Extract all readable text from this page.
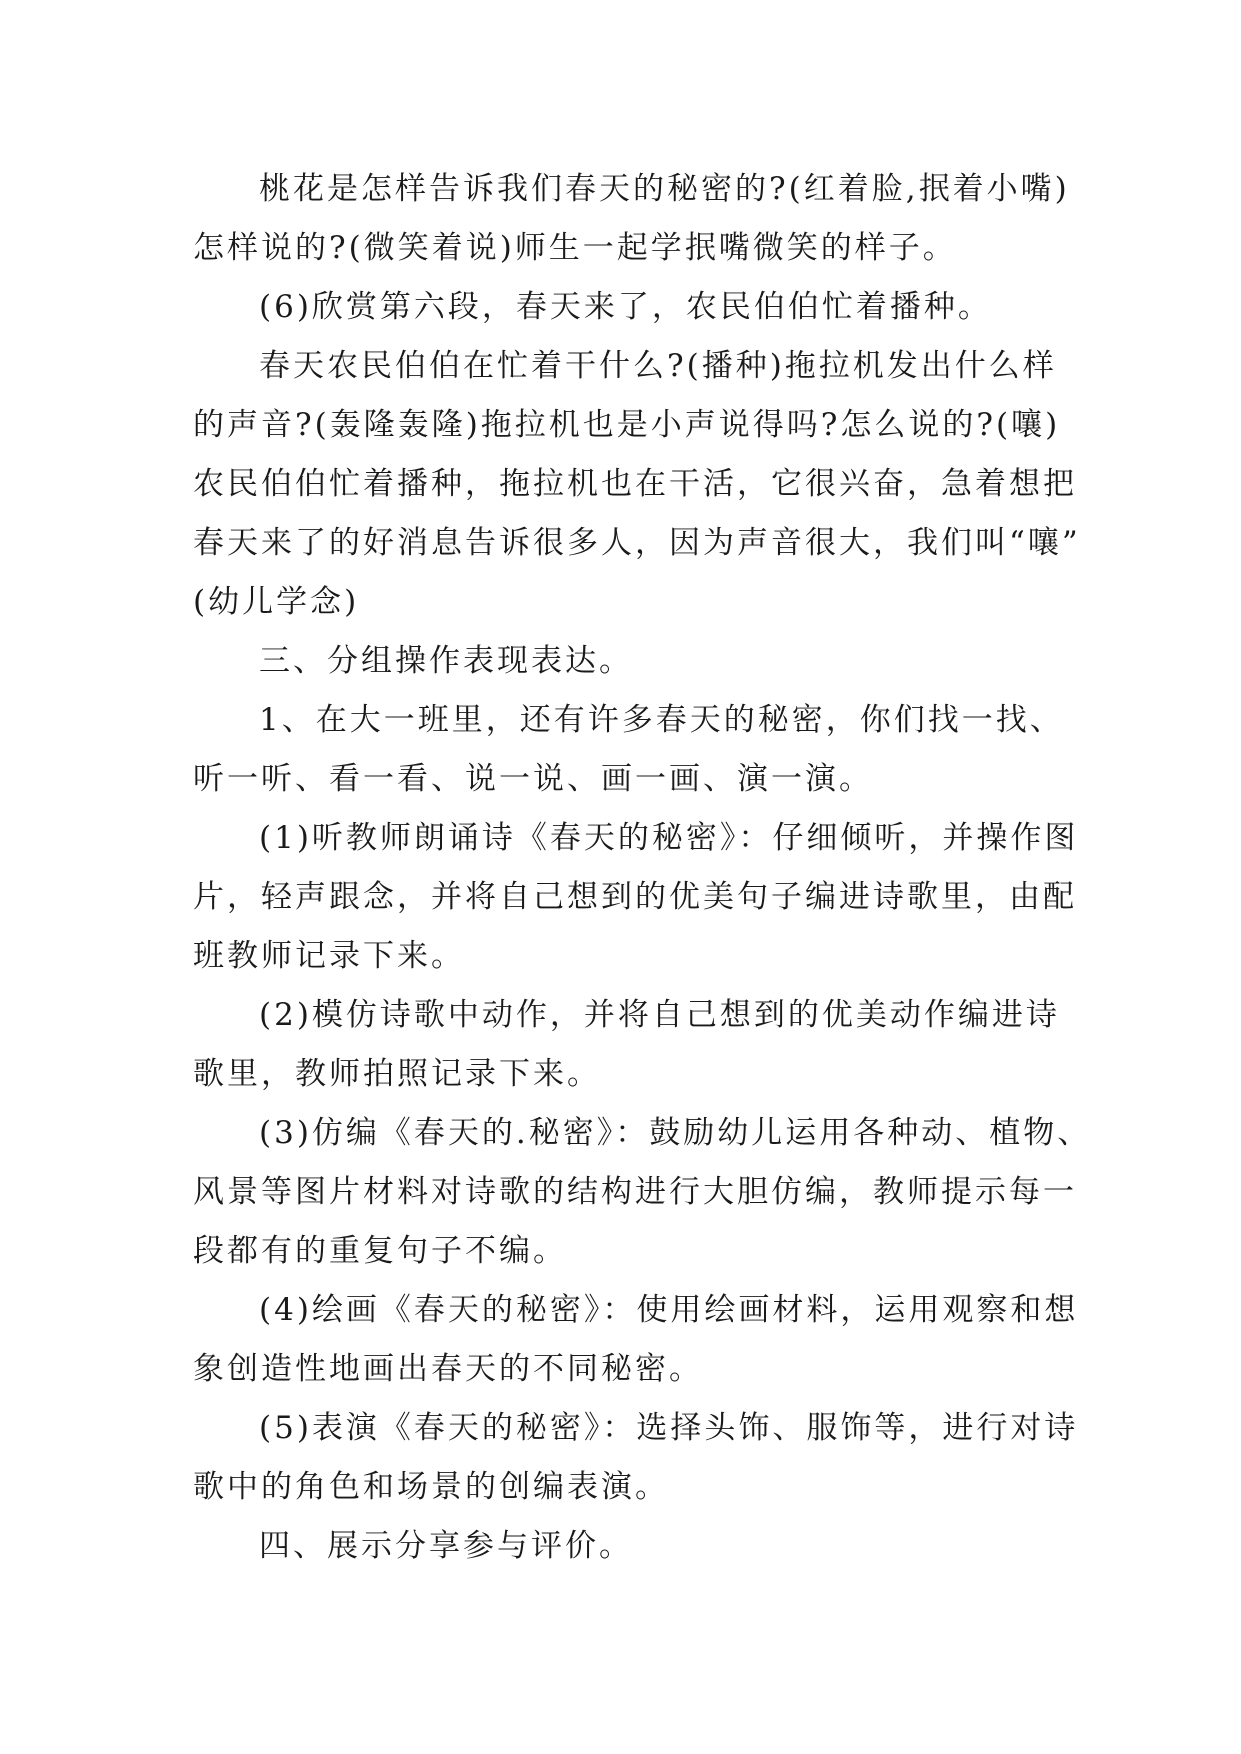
桃花是怎样告诉我们春天的秘密的?(红着脸,抿着小嘴)
怎样说的?(微笑着说)师生一起学抿嘴微笑的样子。
(6)欣赏第六段，春天来了，农民伯伯忙着播种。
春天农民伯伯在忙着干什么?(播种)拖拉机发出什么样
的声音?(轰隆轰隆)拖拉机也是小声说得吗?怎么说的?(嚷)
农民伯伯忙着播种，拖拉机也在干活，它很兴奋，急着想把
春天来了的好消息告诉很多人，因为声音很大，我们叫“嚷”
(幼儿学念)
三、分组操作表现表达。
1、在大一班里，还有许多春天的秘密，你们找一找、
听一听、看一看、说一说、画一画、演一演。
(1)听教师朗诵诗《春天的秘密》：仔细倾听，并操作图
片，轻声跟念，并将自己想到的优美句子编进诗歌里，由配
班教师记录下来。
(2)模仿诗歌中动作，并将自己想到的优美动作编进诗
歌里，教师拍照记录下来。
(3)仿编《春天的.秘密》：鼓励幼儿运用各种动、植物、
风景等图片材料对诗歌的结构进行大胆仿编，教师提示每一
段都有的重复句子不编。
(4)绘画《春天的秘密》：使用绘画材料，运用观察和想
象创造性地画出春天的不同秘密。
(5)表演《春天的秘密》：选择头饰、服饰等，进行对诗
歌中的角色和场景的创编表演。
四、展示分享参与评价。
